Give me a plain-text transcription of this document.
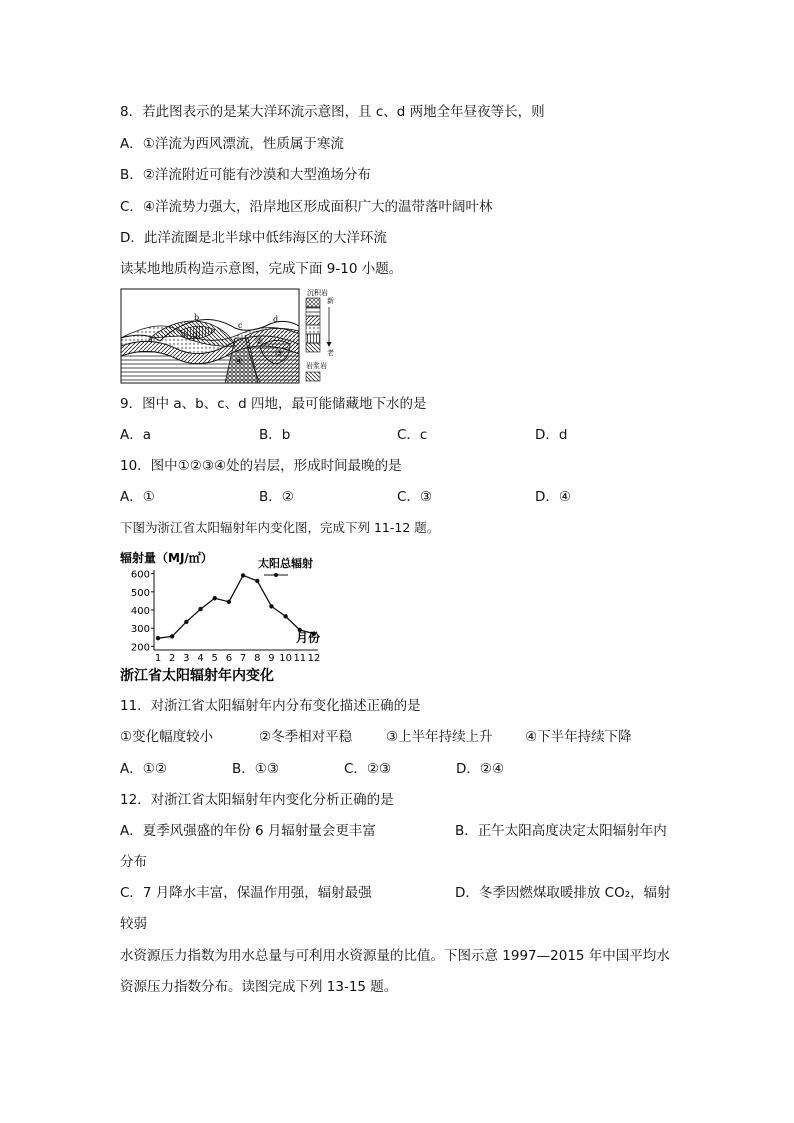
8．若此图表示的是某大洋环流示意图，且 c、d 两地全年昼夜等长，则
A．①洋流为西风漂流，性质属于寒流
B．②洋流附近可能有沙漠和大型渔场分布
C．④洋流势力强大，沿岸地区形成面积广大的温带落叶阔叶林
D．此洋流圈是北半球中低纬海区的大洋环流
读某地地质构造示意图，完成下面 9-10 小题。
a
b
c
d
①
②
③
④
沉积岩
新
老
岩浆岩
9．图中 a、b、c、d 四地，最可能储藏地下水的是
A．a	B．b	C．c	D．d
10．图中①②③④处的岩层，形成时间最晚的是
A．①	B．②	C．③	D．④
下图为浙江省太阳辐射年内变化图，完成下列 11-12 题。
辐射量（MJ/㎡）	太阳总辐射
200
300
400
500
600
1 2 3 4 5 6 7 8 9 10 11 12
月份
浙江省太阳辐射年内变化
11．对浙江省太阳辐射年内分布变化描述正确的是
①变化幅度较小	②冬季相对平稳	③上半年持续上升 ④下半年持续下降
A．①②	B．①③	C．②③	D．②④
12．对浙江省太阳辐射年内变化分析正确的是
A．夏季风强盛的年份 6 月辐射量会更丰富	B．正午太阳高度决定太阳辐射年内
分布
C．7 月降水丰富，保温作用强，辐射最强	D．冬季因燃煤取暖排放 CO₂，辐射
较弱
水资源压力指数为用水总量与可利用水资源量的比值。下图示意 1997—2015 年中国平均水
资源压力指数分布。读图完成下列 13-15 题。
